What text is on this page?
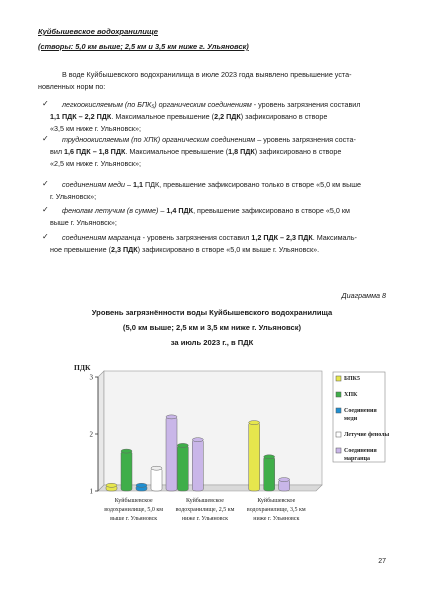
Куйбышевское водохранилище
(створы: 5,0 км выше; 2,5 км и 3,5 км ниже г. Ульяновск)
В воде Куйбышевского водохранилища в июле 2023 года выявлено превышение уста-
новленных норм по:
✓ легкоокисляемым (по БПК₅) органическим соединениям - уровень загрязнения составил
1,1 ПДК – 2,2 ПДК. Максимальное превышение (2,2 ПДК) зафиксировано в створе
«3,5 км ниже г. Ульяновск»;
✓ трудноокисляемым (по ХПК) органическим соединениям – уровень загрязнения соста-
вил 1,6 ПДК – 1,8 ПДК. Максимальное превышение (1,8 ПДК) зафиксировано в створе
«2,5 км ниже г. Ульяновск»;
✓ соединениям меди – 1,1 ПДК, превышение зафиксировано только в створе «5,0 км выше
г. Ульяновск»;
✓ фенолам летучим (в сумме) – 1,4 ПДК, превышение зафиксировано в створе «5,0 км
выше г. Ульяновск»;
✓ соединениям марганца - уровень загрязнения составил 1,2 ПДК – 2,3 ПДК. Максималь-
ное превышение (2,3 ПДК) зафиксировано в створе «5,0 км выше г. Ульяновск».
Диаграмма 8
Уровень загрязнённости воды Куйбышевского водохранилища
(5,0 км выше; 2,5 км и 3,5 км ниже г. Ульяновск)
за июль 2023 г., в ПДК
1
2
3
ПДК
Куйбышевское
водохранилище, 5,0 км
выше г. Ульяновск
Куйбышевское
водохранилище, 2,5 км
ниже г. Ульяновск
Куйбышевское
водохранилище, 3,5 км
ниже г. Ульяновск
БПК5
ХПК
Соединения
меди
Летучие фенолы
Соединения
марганца
27
